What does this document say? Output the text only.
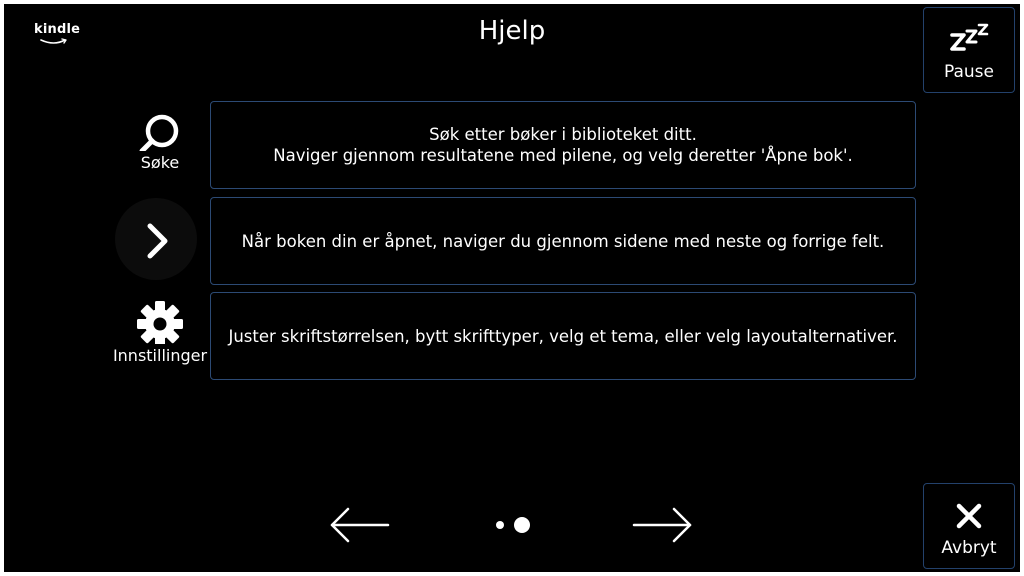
kindle	Hjelp
Pause
Søke
Søk etter bøker i biblioteket ditt.
Naviger gjennom resultatene med pilene, og velg deretter 'Åpne bok'.
Når boken din er åpnet, naviger du gjennom sidene med neste og forrige felt.
Innstillinger
Juster skriftstørrelsen, bytt skrifttyper, velg et tema, eller velg layoutalternativer.
Avbryt
